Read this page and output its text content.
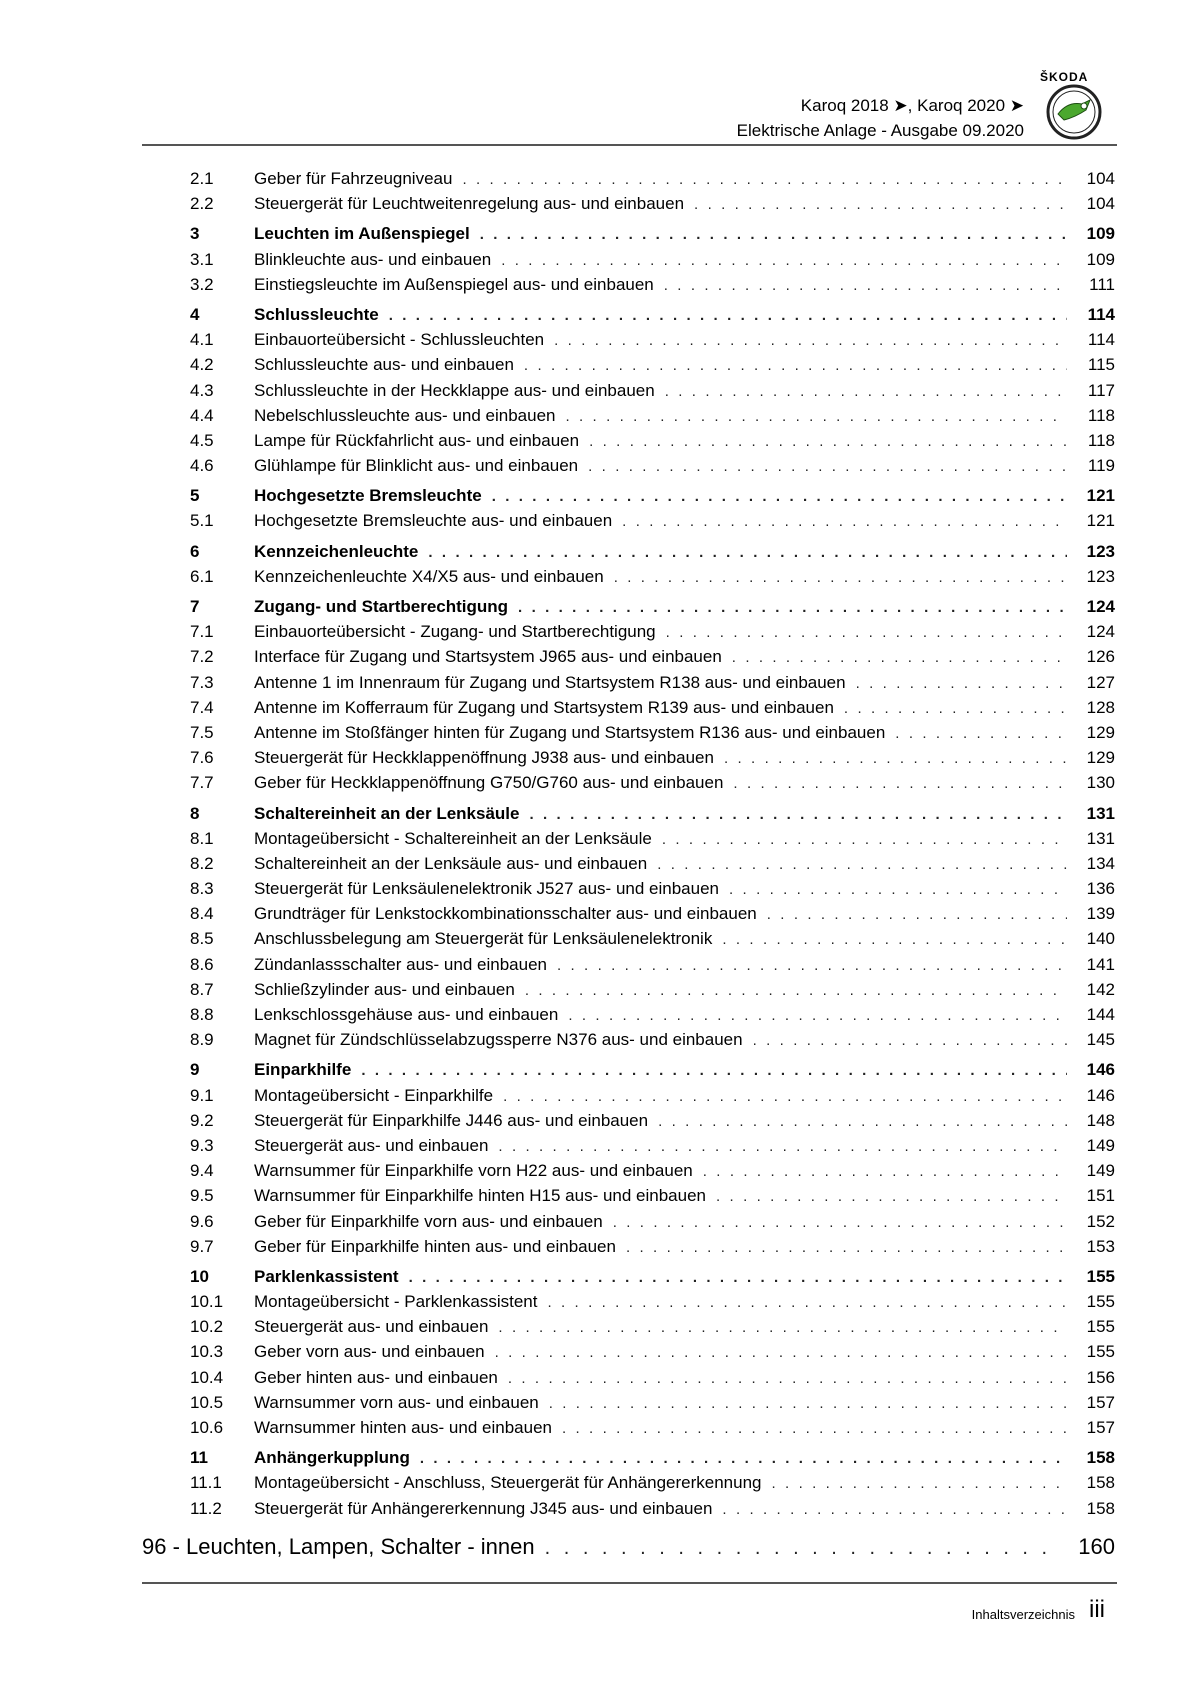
Karoq 2018 ➤, Karoq 2020 ➤
Elektrische Anlage - Ausgabe 09.2020
ŠKODA
2.1	Geber für Fahrzeugniveau . . .	104
2.2	Steuergerät für Leuchtweitenregelung aus- und einbauen . . .	104
3	Leuchten im Außenspiegel . . .	109
3.1	Blinkleuchte aus- und einbauen . . .	109
3.2	Einstiegsleuchte im Außenspiegel aus- und einbauen . . .	111
4	Schlussleuchte . . .	114
4.1	Einbauorteübersicht - Schlussleuchten . . .	114
4.2	Schlussleuchte aus- und einbauen . . .	115
4.3	Schlussleuchte in der Heckklappe aus- und einbauen . . .	117
4.4	Nebelschlussleuchte aus- und einbauen . . .	118
4.5	Lampe für Rückfahrlicht aus- und einbauen . . .	118
4.6	Glühlampe für Blinklicht aus- und einbauen . . .	119
5	Hochgesetzte Bremsleuchte . . .	121
5.1	Hochgesetzte Bremsleuchte aus- und einbauen . . .	121
6	Kennzeichenleuchte . . .	123
6.1	Kennzeichenleuchte X4/X5 aus- und einbauen . . .	123
7	Zugang- und Startberechtigung . . .	124
7.1	Einbauorteübersicht - Zugang- und Startberechtigung . . .	124
7.2	Interface für Zugang und Startsystem J965 aus- und einbauen . . .	126
7.3	Antenne 1 im Innenraum für Zugang und Startsystem R138 aus- und einbauen . . .	127
7.4	Antenne im Kofferraum für Zugang und Startsystem R139 aus- und einbauen . . .	128
7.5	Antenne im Stoßfänger hinten für Zugang und Startsystem R136 aus- und einbauen . . .	129
7.6	Steuergerät für Heckklappenöffnung J938 aus- und einbauen . . .	129
7.7	Geber für Heckklappenöffnung G750/G760 aus- und einbauen . . .	130
8	Schaltereinheit an der Lenksäule . . .	131
8.1	Montageübersicht - Schaltereinheit an der Lenksäule . . .	131
8.2	Schaltereinheit an der Lenksäule aus- und einbauen . . .	134
8.3	Steuergerät für Lenksäulenelektronik J527 aus- und einbauen . . .	136
8.4	Grundträger für Lenkstockkombinationsschalter aus- und einbauen . . .	139
8.5	Anschlussbelegung am Steuergerät für Lenksäulenelektronik . . .	140
8.6	Zündanlassschalter aus- und einbauen . . .	141
8.7	Schließzylinder aus- und einbauen . . .	142
8.8	Lenkschlossgehäuse aus- und einbauen . . .	144
8.9	Magnet für Zündschlüsselabzugssperre N376 aus- und einbauen . . .	145
9	Einparkhilfe . . .	146
9.1	Montageübersicht - Einparkhilfe . . .	146
9.2	Steuergerät für Einparkhilfe J446 aus- und einbauen . . .	148
9.3	Steuergerät aus- und einbauen . . .	149
9.4	Warnsummer für Einparkhilfe vorn H22 aus- und einbauen . . .	149
9.5	Warnsummer für Einparkhilfe hinten H15 aus- und einbauen . . .	151
9.6	Geber für Einparkhilfe vorn aus- und einbauen . . .	152
9.7	Geber für Einparkhilfe hinten aus- und einbauen . . .	153
10	Parklenkassistent . . .	155
10.1	Montageübersicht - Parklenkassistent . . .	155
10.2	Steuergerät aus- und einbauen . . .	155
10.3	Geber vorn aus- und einbauen . . .	155
10.4	Geber hinten aus- und einbauen . . .	156
10.5	Warnsummer vorn aus- und einbauen . . .	157
10.6	Warnsummer hinten aus- und einbauen . . .	157
11	Anhängerkupplung . . .	158
11.1	Montageübersicht - Anschluss, Steuergerät für Anhängererkennung . . .	158
11.2	Steuergerät für Anhängererkennung J345 aus- und einbauen . . .	158
96 - Leuchten, Lampen, Schalter - innen . . .	160
Inhaltsverzeichnis iii
